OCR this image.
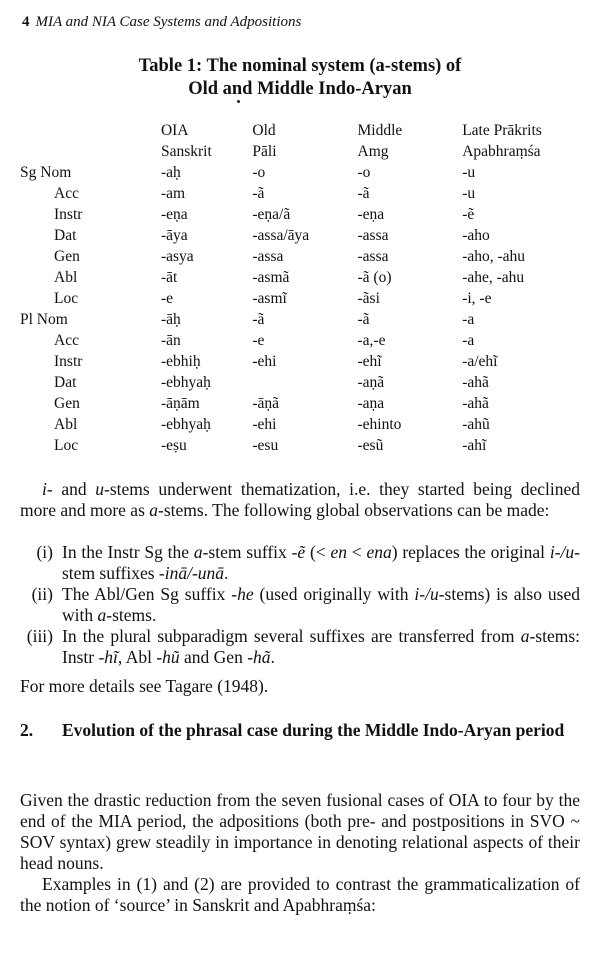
4 MIA and NIA Case Systems and Adpositions
Table 1: The nominal system (a-stems) of
Old and Middle Indo-Aryan
	OIA	Old	Middle	Late Prākrits
	Sanskrit	Pāli	Amg	Apabhraṃśa
Sg Nom	-aḥ	-o	-o	-u
Acc	-am	-ã	-ã	-u
Instr	-eṇa	-eṇa/ã	-eṇa	-ẽ
Dat	-āya	-assa/āya	-assa	-aho
Gen	-asya	-assa	-assa	-aho, -ahu
Abl	-āt	-asmã	-ã (o)	-ahe, -ahu
Loc	-e	-asmĩ	-ãsi	-i, -e
Pl Nom	-āḥ	-ã	-ã	-a
Acc	-ān	-e	-a,-e	-a
Instr	-ebhiḥ	-ehi	-ehĩ	-a/ehĩ
Dat	-ebhyaḥ		-aṇã	-ahã
Gen	-āṇām	-āṇã	-aṇa	-ahã
Abl	-ebhyaḥ	-ehi	-ehinto	-ahũ
Loc	-eṣu	-esu	-esũ	-ahĩ
i- and u-stems underwent thematization, i.e. they started being declined more and more as a-stems. The following global observations can be made:
(i) In the Instr Sg the a-stem suffix -ẽ (< en < ena) replaces the original i-/u-stem suffixes -inā/-unā.
(ii) The Abl/Gen Sg suffix -he (used originally with i-/u-stems) is also used with a-stems.
(iii) In the plural subparadigm several suffixes are transferred from a-stems: Instr -hĩ, Abl -hũ and Gen -hã.
For more details see Tagare (1948).
2.	Evolution of the phrasal case during the Middle Indo-Aryan period
Given the drastic reduction from the seven fusional cases of OIA to four by the end of the MIA period, the adpositions (both pre- and postpositions in SVO ~ SOV syntax) grew steadily in importance in denoting relational aspects of their head nouns.
Examples in (1) and (2) are provided to contrast the grammaticalization of the notion of ‘source’ in Sanskrit and Apabhraṃśa:
